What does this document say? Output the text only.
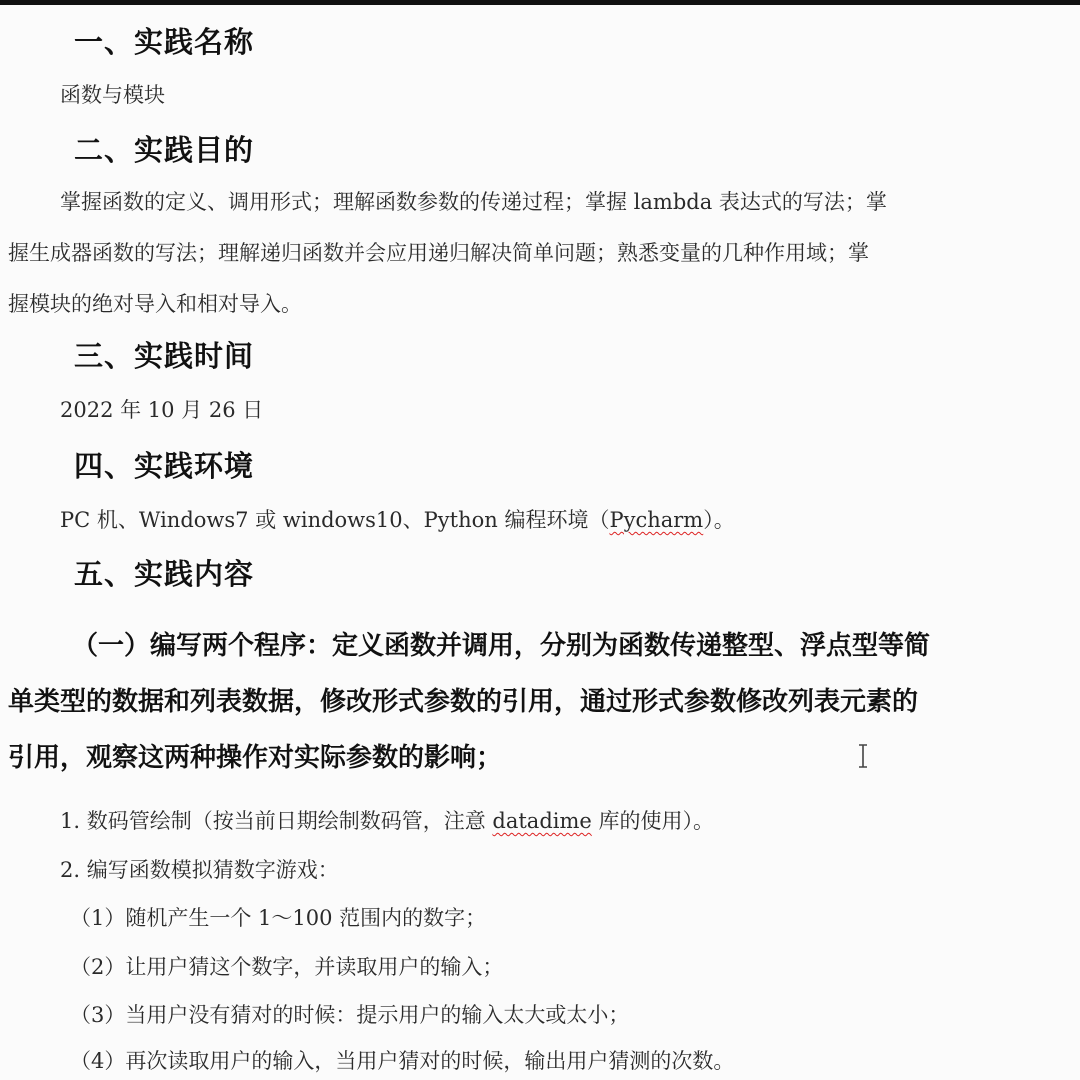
一、实践名称
函数与模块
二、实践目的
掌握函数的定义、调用形式；理解函数参数的传递过程；掌握 lambda 表达式的写法；掌
握生成器函数的写法；理解递归函数并会应用递归解决简单问题；熟悉变量的几种作用域；掌
握模块的绝对导入和相对导入。
三、实践时间
2022 年 10 月 26 日
四、实践环境
PC 机、Windows7 或 windows10、Python 编程环境（Pycharm）。
五、实践内容
（一）编写两个程序：定义函数并调用，分别为函数传递整型、浮点型等简
单类型的数据和列表数据，修改形式参数的引用，通过形式参数修改列表元素的
引用，观察这两种操作对实际参数的影响；
1. 数码管绘制（按当前日期绘制数码管，注意 datadime 库的使用）。
2. 编写函数模拟猜数字游戏：
（1）随机产生一个 1～100 范围内的数字；
（2）让用户猜这个数字，并读取用户的输入；
（3）当用户没有猜对的时候：提示用户的输入太大或太小；
（4）再次读取用户的输入，当用户猜对的时候，输出用户猜测的次数。
